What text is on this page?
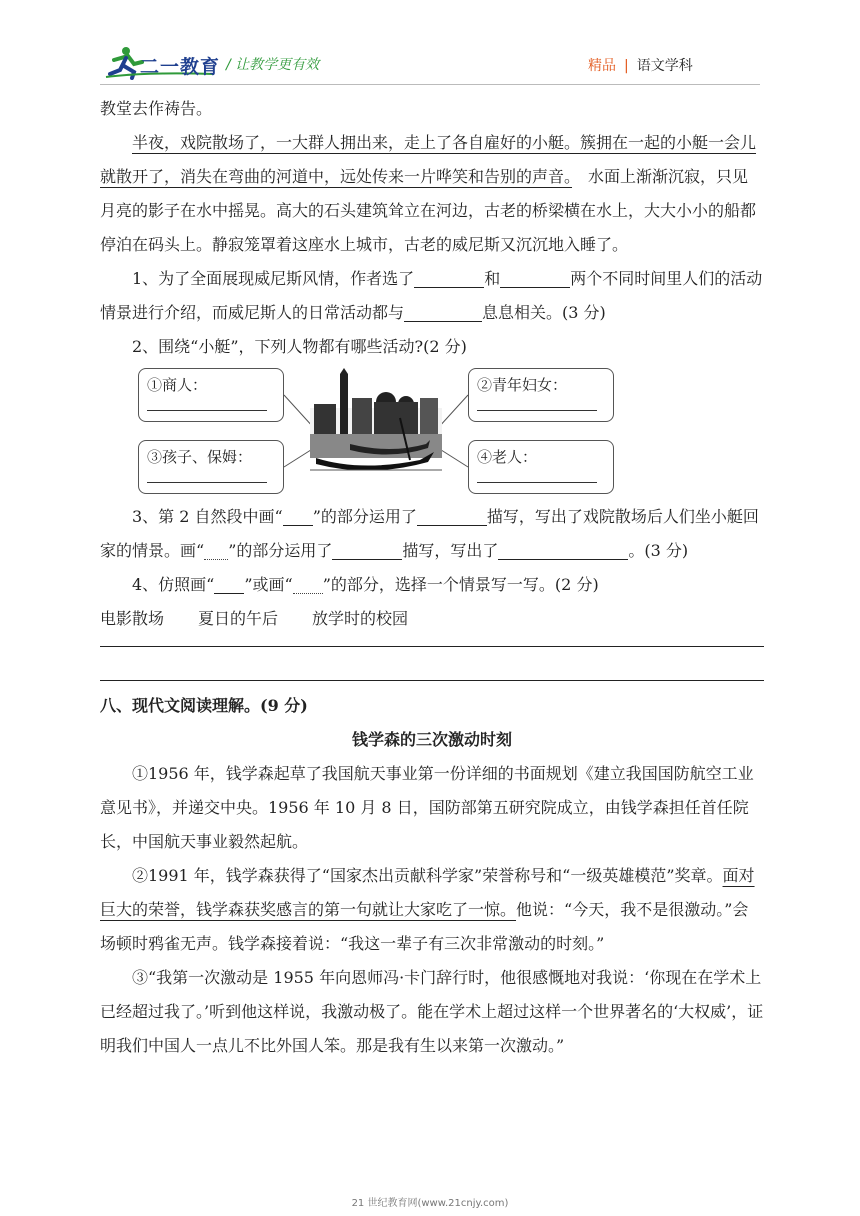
二一教育 / 让教学更有效	精品 | 语文学科

教堂去作祷告。

半夜，戏院散场了，一大群人拥出来，走上了各自雇好的小艇。簇拥在一起的小艇一会儿就散开了，消失在弯曲的河道中，远处传来一片哗笑和告别的声音。　 水面上渐渐沉寂，只见月亮的影子在水中摇晃。高大的石头建筑耸立在河边，古老的桥梁横在水上，大大小小的船都停泊在码头上。静寂笼罩着这座水上城市，古老的威尼斯又沉沉地入睡了。

1、为了全面展现威尼斯风情，作者选了	和	两个不同时间里人们的活动情景进行介绍，而威尼斯人的日常活动都与	息息相关。(3 分)

2、围绕“小艇”，下列人物都有哪些活动?(2 分)

①商人：
③孩子、保姆：
②青年妇女：
④老人：

3、第 2 自然段中画“ ”的部分运用了	描写，写出了戏院散场后人们坐小艇回家的情景。画“ ”的部分运用了	描写，写出了	。(3 分)

4、仿照画“ ”或画“ ”的部分，选择一个情景写一写。(2 分)

电影散场 夏日的午后 放学时的校园

八、现代文阅读理解。(9 分)

钱学森的三次激动时刻

①1956 年，钱学森起草了我国航天事业第一份详细的书面规划《建立我国国防航空工业意见书》，并递交中央。1956 年 10 月 8 日，国防部第五研究院成立，由钱学森担任首任院长，中国航天事业毅然起航。

②1991 年，钱学森获得了“国家杰出贡献科学家”荣誉称号和“一级英雄模范”奖章。面对巨大的荣誉，钱学森获奖感言的第一句就让大家吃了一惊。他说：“今天，我不是很激动。”会场顿时鸦雀无声。钱学森接着说：“我这一辈子有三次非常激动的时刻。”

③“我第一次激动是 1955 年向恩师冯·卡门辞行时，他很感慨地对我说：‘你现在在学术上已经超过我了。’听到他这样说，我激动极了。能在学术上超过这样一个世界著名的‘大权威’，证明我们中国人一点儿不比外国人笨。那是我有生以来第一次激动。”

21 世纪教育网(www.21cnjy.com)
